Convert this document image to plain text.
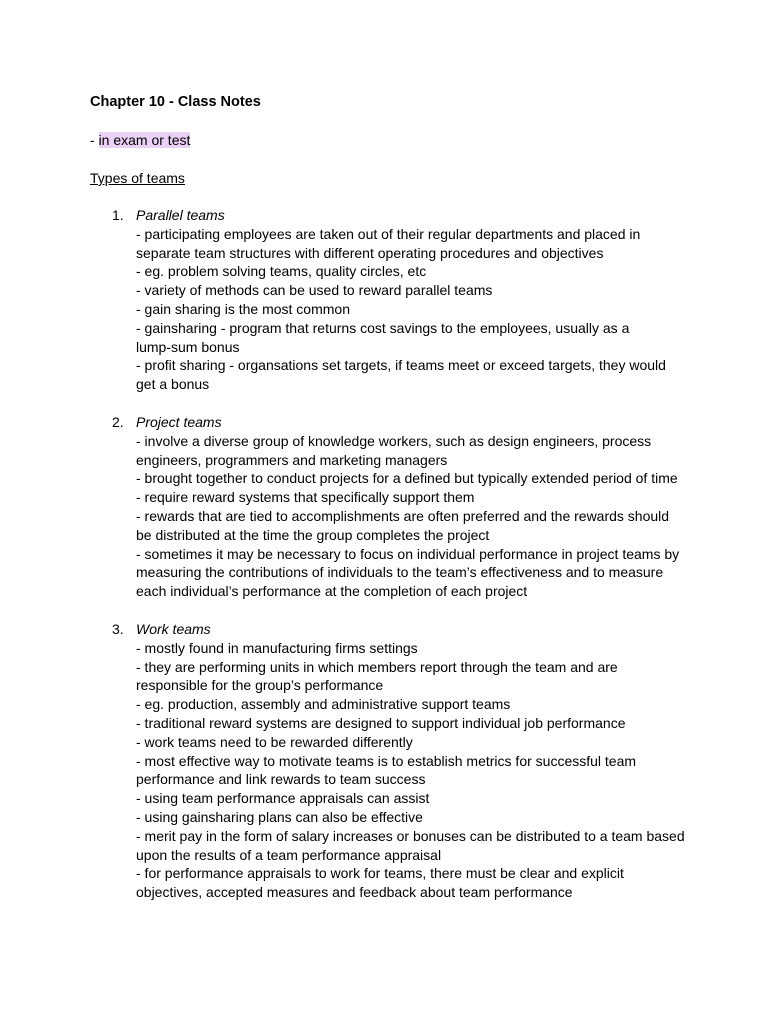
Chapter 10 - Class Notes
- in exam or test
Types of teams
1. Parallel teams
- participating employees are taken out of their regular departments and placed in
separate team structures with different operating procedures and objectives
- eg. problem solving teams, quality circles, etc
- variety of methods can be used to reward parallel teams
- gain sharing is the most common
- gainsharing - program that returns cost savings to the employees, usually as a
lump-sum bonus
- profit sharing - organsations set targets, if teams meet or exceed targets, they would
get a bonus
2. Project teams
- involve a diverse group of knowledge workers, such as design engineers, process
engineers, programmers and marketing managers
- brought together to conduct projects for a defined but typically extended period of time
- require reward systems that specifically support them
- rewards that are tied to accomplishments are often preferred and the rewards should
be distributed at the time the group completes the project
- sometimes it may be necessary to focus on individual performance in project teams by
measuring the contributions of individuals to the team’s effectiveness and to measure
each individual’s performance at the completion of each project
3. Work teams
- mostly found in manufacturing firms settings
- they are performing units in which members report through the team and are
responsible for the group’s performance
- eg. production, assembly and administrative support teams
- traditional reward systems are designed to support individual job performance
- work teams need to be rewarded differently
- most effective way to motivate teams is to establish metrics for successful team
performance and link rewards to team success
- using team performance appraisals can assist
- using gainsharing plans can also be effective
- merit pay in the form of salary increases or bonuses can be distributed to a team based
upon the results of a team performance appraisal
- for performance appraisals to work for teams, there must be clear and explicit
objectives, accepted measures and feedback about team performance
